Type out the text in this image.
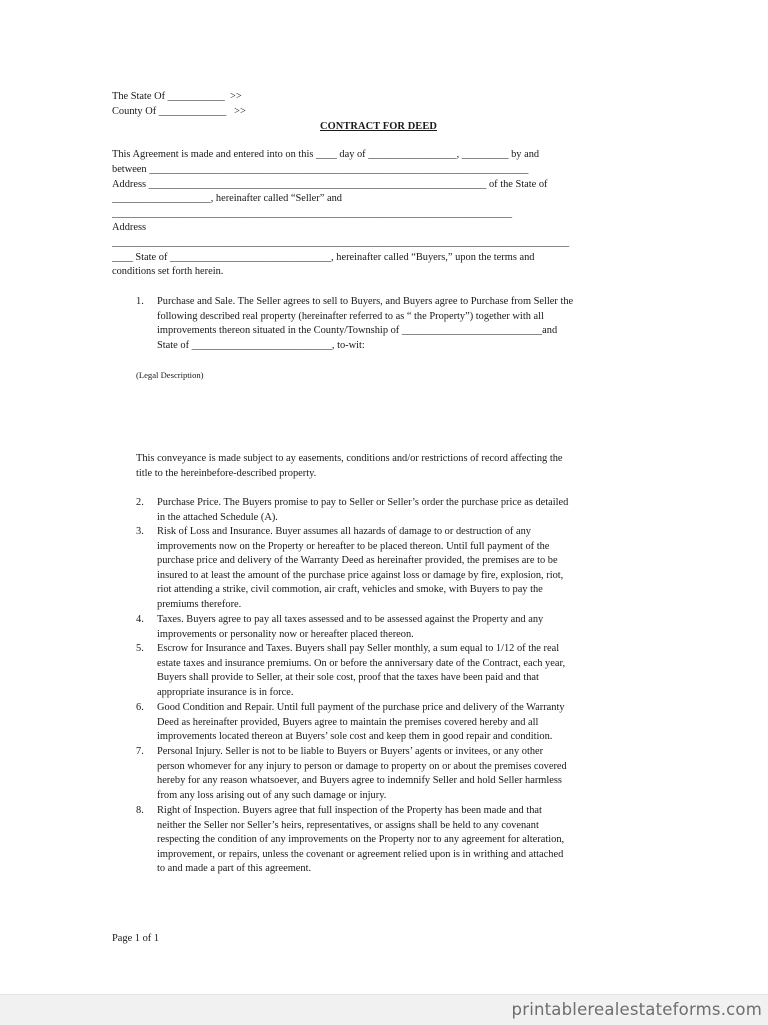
The State Of ___________  >>
County Of _____________   >>
CONTRACT FOR DEED
This Agreement is made and entered into on this ____ day of _________________, _________ by and
between _________________________________________________________________________
Address _________________________________________________________________ of the State of
___________________, hereinafter called “Seller” and
_____________________________________________________________________________
Address
________________________________________________________________________________________
____ State of _______________________________, hereinafter called “Buyers,” upon the terms and
conditions set forth herein.
1. Purchase and Sale. The Seller agrees to sell to Buyers, and Buyers agree to Purchase from Seller the
following described real property (hereinafter referred to as “ the Property”) together with all
improvements thereon situated in the County/Township of ___________________________and
State of ___________________________, to-wit:
(Legal Description)
This conveyance is made subject to ay easements, conditions and/or restrictions of record affecting the
title to the hereinbefore-described property.
2. Purchase Price. The Buyers promise to pay to Seller or Seller’s order the purchase price as detailed
in the attached Schedule (A).
3. Risk of Loss and Insurance. Buyer assumes all hazards of damage to or destruction of any
improvements now on the Property or hereafter to be placed thereon. Until full payment of the
purchase price and delivery of the Warranty Deed as hereinafter provided, the premises are to be
insured to at least the amount of the purchase price against loss or damage by fire, explosion, riot,
riot attending a strike, civil commotion, air craft, vehicles and smoke, with Buyers to pay the
premiums therefore.
4. Taxes. Buyers agree to pay all taxes assessed and to be assessed against the Property and any
improvements or personality now or hereafter placed thereon.
5. Escrow for Insurance and Taxes. Buyers shall pay Seller monthly, a sum equal to 1/12 of the real
estate taxes and insurance premiums. On or before the anniversary date of the Contract, each year,
Buyers shall provide to Seller, at their sole cost, proof that the taxes have been paid and that
appropriate insurance is in force.
6. Good Condition and Repair. Until full payment of the purchase price and delivery of the Warranty
Deed as hereinafter provided, Buyers agree to maintain the premises covered hereby and all
improvements located thereon at Buyers’ sole cost and keep them in good repair and condition.
7. Personal Injury. Seller is not to be liable to Buyers or Buyers’ agents or invitees, or any other
person whomever for any injury to person or damage to property on or about the premises covered
hereby for any reason whatsoever, and Buyers agree to indemnify Seller and hold Seller harmless
from any loss arising out of any such damage or injury.
8. Right of Inspection. Buyers agree that full inspection of the Property has been made and that
neither the Seller nor Seller’s heirs, representatives, or assigns shall be held to any covenant
respecting the condition of any improvements on the Property nor to any agreement for alteration,
improvement, or repairs, unless the covenant or agreement relied upon is in writhing and attached
to and made a part of this agreement.
Page 1 of 1
printablerealestateforms.com
